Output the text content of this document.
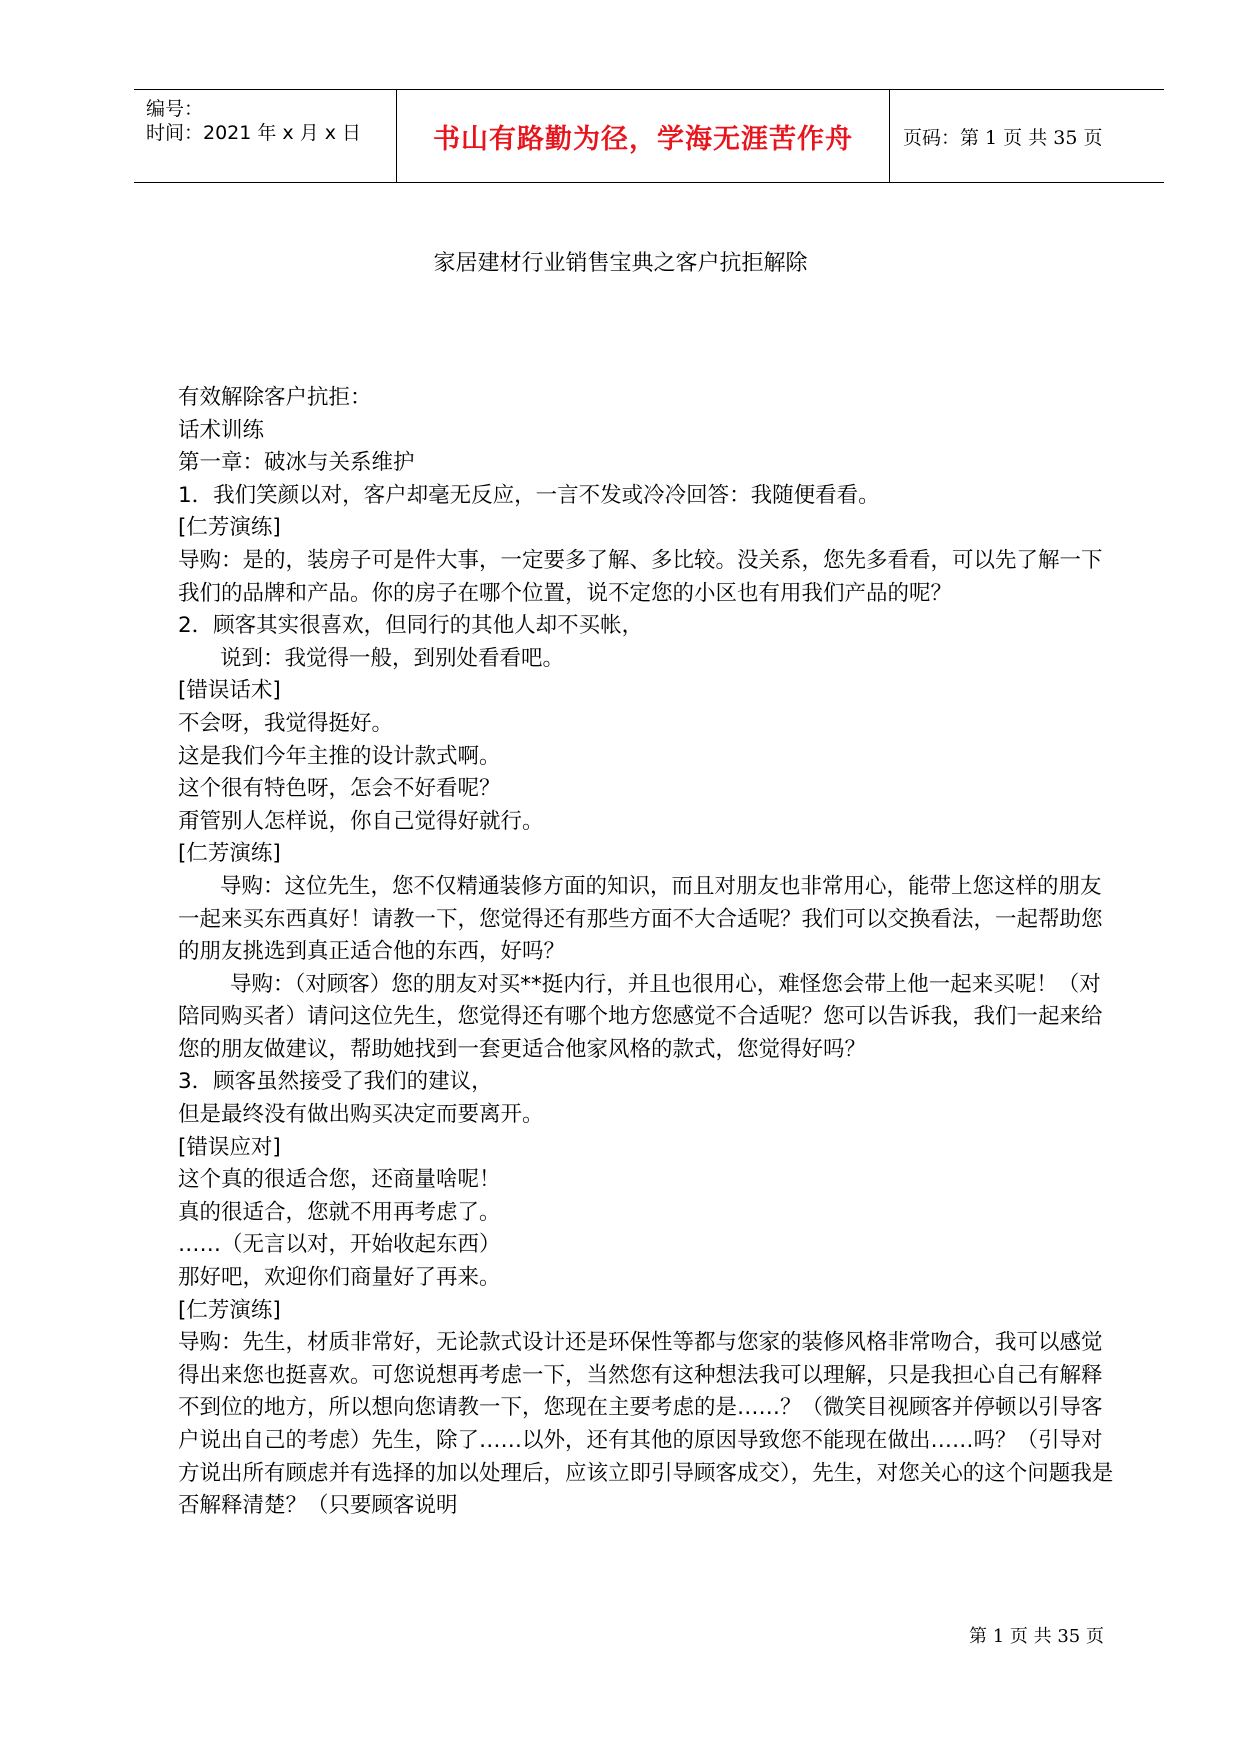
编号：
时间：2021 年 x 月 x 日	书山有路勤为径，学海无涯苦作舟	页码：第 1 页 共 35 页
家居建材行业销售宝典之客户抗拒解除

有效解除客户抗拒：

话术训练

第一章：破冰与关系维护

1．我们笑颜以对，客户却毫无反应，一言不发或冷冷回答：我随便看看。

[仁芳演练]

导购：是的，装房子可是件大事，一定要多了解、多比较。没关系，您先多看看，可以先了解一下我们的品牌和产品。你的房子在哪个位置，说不定您的小区也有用我们产品的呢？

2．顾客其实很喜欢，但同行的其他人却不买帐，

说到：我觉得一般，到别处看看吧。

[错误话术]

不会呀，我觉得挺好。

这是我们今年主推的设计款式啊。

这个很有特色呀，怎会不好看呢？

甭管别人怎样说，你自己觉得好就行。

[仁芳演练]

导购：这位先生，您不仅精通装修方面的知识，而且对朋友也非常用心，能带上您这样的朋友一起来买东西真好！请教一下，您觉得还有那些方面不大合适呢？我们可以交换看法，一起帮助您的朋友挑选到真正适合他的东西，好吗？

导购：（对顾客）您的朋友对买**挺内行，并且也很用心，难怪您会带上他一起来买呢！（对陪同购买者）请问这位先生，您觉得还有哪个地方您感觉不合适呢？您可以告诉我，我们一起来给您的朋友做建议，帮助她找到一套更适合他家风格的款式，您觉得好吗？

3．顾客虽然接受了我们的建议，

但是最终没有做出购买决定而要离开。

[错误应对]

这个真的很适合您，还商量啥呢！

真的很适合，您就不用再考虑了。

……（无言以对，开始收起东西）

那好吧，欢迎你们商量好了再来。

[仁芳演练]

导购：先生，材质非常好，无论款式设计还是环保性等都与您家的装修风格非常吻合，我可以感觉得出来您也挺喜欢。可您说想再考虑一下，当然您有这种想法我可以理解，只是我担心自己有解释不到位的地方，所以想向您请教一下，您现在主要考虑的是……？（微笑目视顾客并停顿以引导客户说出自己的考虑）先生，除了……以外，还有其他的原因导致您不能现在做出……吗？（引导对方说出所有顾虑并有选择的加以处理后，应该立即引导顾客成交），先生，对您关心的这个问题我是否解释清楚？（只要顾客说明

第 1 页 共 35 页
